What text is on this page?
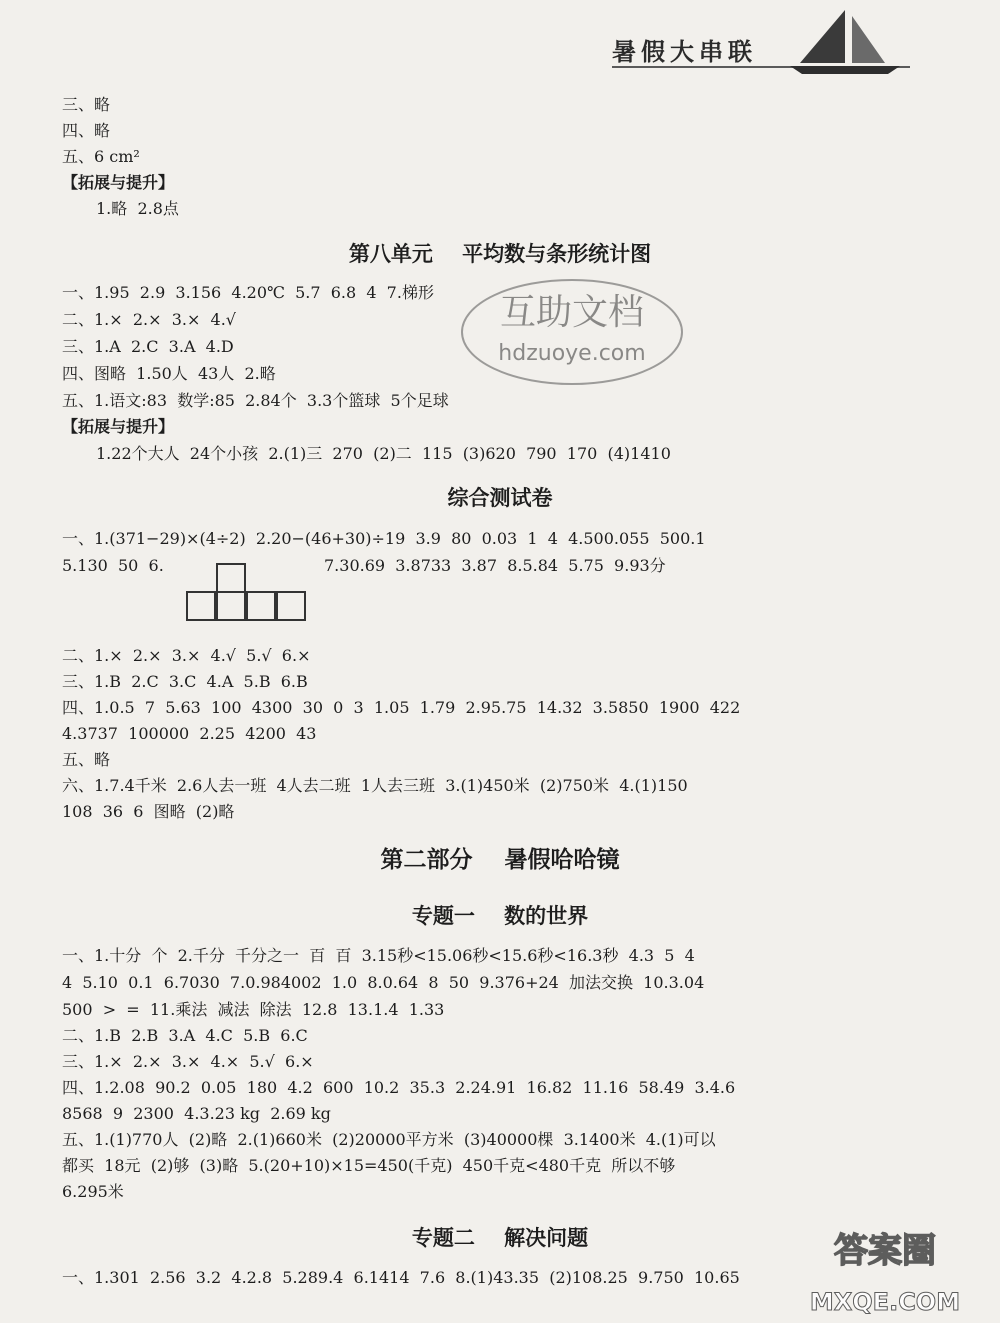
暑假大串联
三、略
四、略
五、6 cm²
【拓展与提升】
1.略  2.8点
第八单元    平均数与条形统计图
一、1.95  2.9  3.156  4.20℃  5.7  6.8  4  7.梯形
二、1.×  2.×  3.×  4.√
三、1.A  2.C  3.A  4.D
四、图略  1.50人  43人  2.略
五、1.语文:83  数学:85  2.84个  3.3个篮球  5个足球
【拓展与提升】
1.22个大人  24个小孩  2.(1)三  270  (2)二  115  (3)620  790  170  (4)1410
综合测试卷
一、1.(371−29)×(4÷2)  2.20−(46+30)÷19  3.9  80  0.03  1  4  4.500.055  500.1
5.130  50  6.	7.30.69  3.8733  3.87  8.5.84  5.75  9.93分
二、1.×  2.×  3.×  4.√  5.√  6.×
三、1.B  2.C  3.C  4.A  5.B  6.B
四、1.0.5  7  5.63  100  4300  30  0  3  1.05  1.79  2.95.75  14.32  3.5850  1900  422
4.3737  100000  2.25  4200  43
五、略
六、1.7.4千米  2.6人去一班  4人去二班  1人去三班  3.(1)450米  (2)750米  4.(1)150
108  36  6  图略  (2)略
第二部分    暑假哈哈镜
专题一    数的世界
一、1.十分  个  2.千分  千分之一  百  百  3.15秒<15.06秒<15.6秒<16.3秒  4.3  5  4
4  5.10  0.1  6.7030  7.0.984002  1.0  8.0.64  8  50  9.376+24  加法交换  10.3.04
500  >  =  11.乘法  减法  除法  12.8  13.1.4  1.33
二、1.B  2.B  3.A  4.C  5.B  6.C
三、1.×  2.×  3.×  4.×  5.√  6.×
四、1.2.08  90.2  0.05  180  4.2  600  10.2  35.3  2.24.91  16.82  11.16  58.49  3.4.6
8568  9  2300  4.3.23 kg  2.69 kg
五、1.(1)770人  (2)略  2.(1)660米  (2)20000平方米  (3)40000棵  3.1400米  4.(1)可以
都买  18元  (2)够  (3)略  5.(20+10)×15=450(千克)  450千克<480千克  所以不够
6.295米
专题二    解决问题
一、1.301  2.56  3.2  4.2.8  5.289.4  6.1414  7.6  8.(1)43.35  (2)108.25  9.750  10.65
互助文档
hdzuoye.com
答案圈
MXQE.COM
